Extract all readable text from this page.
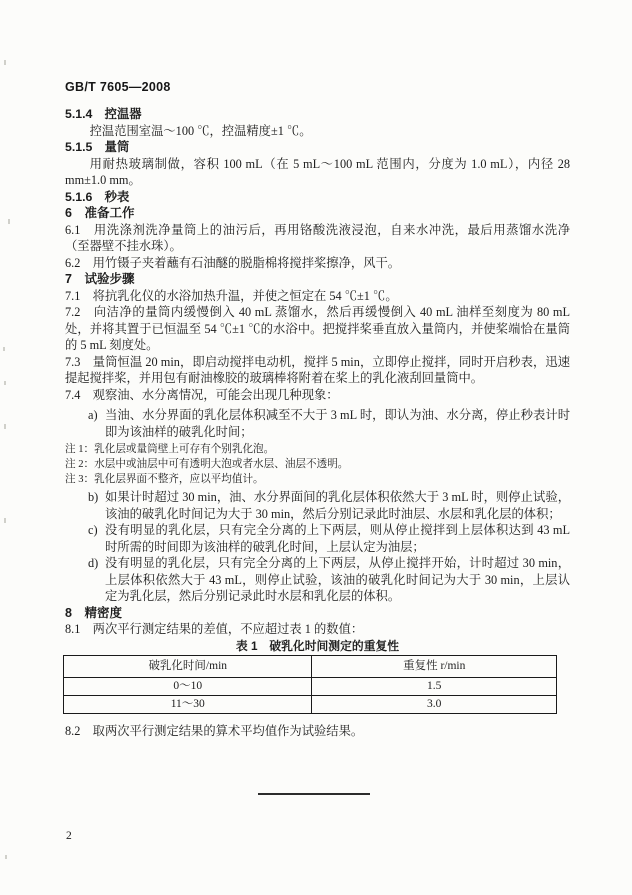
GB/T 7605—2008

5.1.4　控温器

控温范围室温～100 ℃，控温精度±1 ℃。

5.1.5　量筒

用耐热玻璃制做，容积 100 mL（在 5 mL～100 mL 范围内，分度为 1.0 mL），内径 28 mm±1.0 mm。

5.1.6　秒表

6　准备工作

6.1　用洗涤剂洗净量筒上的油污后，再用铬酸洗液浸泡，自来水冲洗，最后用蒸馏水洗净（至器壁不挂水珠）。

6.2　用竹镊子夹着蘸有石油醚的脱脂棉将搅拌桨擦净，风干。

7　试验步骤

7.1　将抗乳化仪的水浴加热升温，并使之恒定在 54 ℃±1 ℃。

7.2　向洁净的量筒内缓慢倒入 40 mL 蒸馏水，然后再缓慢倒入 40 mL 油样至刻度为 80 mL 处，并将其置于已恒温至 54 ℃±1 ℃的水浴中。把搅拌桨垂直放入量筒内，并使桨端恰在量筒的 5 mL 刻度处。

7.3　量筒恒温 20 min，即启动搅拌电动机，搅拌 5 min，立即停止搅拌，同时开启秒表，迅速提起搅拌桨，并用包有耐油橡胶的玻璃棒将附着在桨上的乳化液刮回量筒中。

7.4　观察油、水分离情况，可能会出现几种现象：

a) 当油、水分界面的乳化层体积减至不大于 3 mL 时，即认为油、水分离，停止秒表计时即为该油样的破乳化时间；

注 1：乳化层或量筒壁上可存有个别乳化泡。

注 2：水层中或油层中可有透明大泡或者水层、油层不透明。

注 3：乳化层界面不整齐，应以平均值计。

b) 如果计时超过 30 min，油、水分界面间的乳化层体积依然大于 3 mL 时，则停止试验，该油的破乳化时间记为大于 30 min，然后分别记录此时油层、水层和乳化层的体积；
c) 没有明显的乳化层，只有完全分离的上下两层，则从停止搅拌到上层体积达到 43 mL 时所需的时间即为该油样的破乳化时间，上层认定为油层；
d) 没有明显的乳化层，只有完全分离的上下两层，从停止搅拌开始，计时超过 30 min，上层体积依然大于 43 mL，则停止试验，该油的破乳化时间记为大于 30 min，上层认定为乳化层，然后分别记录此时水层和乳化层的体积。

8　精密度

8.1　两次平行测定结果的差值，不应超过表 1 的数值：

表 1　破乳化时间测定的重复性

破乳化时间/min	重复性 r/min
0～10	1.5
11～30	3.0

8.2　取两次平行测定结果的算术平均值作为试验结果。

2
